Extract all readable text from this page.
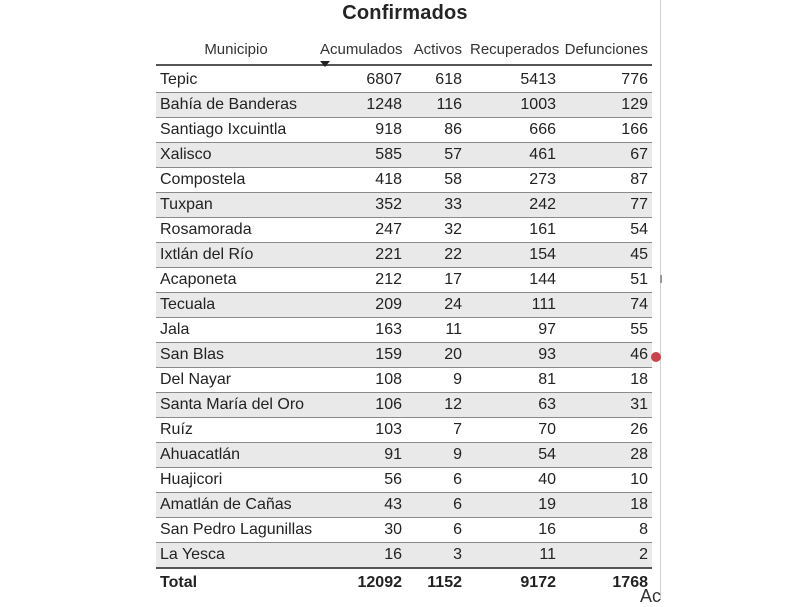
Confirmados
Municipio	Acumulados	Activos	Recuperados	Defunciones
Tepic	6807	618	5413	776
Bahía de Banderas	1248	116	1003	129
Santiago Ixcuintla	918	86	666	166
Xalisco	585	57	461	67
Compostela	418	58	273	87
Tuxpan	352	33	242	77
Rosamorada	247	32	161	54
Ixtlán del Río	221	22	154	45
Acaponeta	212	17	144	51
Tecuala	209	24	111	74
Jala	163	11	97	55
San Blas	159	20	93	46
Del Nayar	108	9	81	18
Santa María del Oro	106	12	63	31
Ruíz	103	7	70	26
Ahuacatlán	91	9	54	28
Huajicori	56	6	40	10
Amatlán de Cañas	43	6	19	18
San Pedro Lagunillas	30	6	16	8
La Yesca	16	3	11	2
Total	12092	1152	9172	1768
Ac
